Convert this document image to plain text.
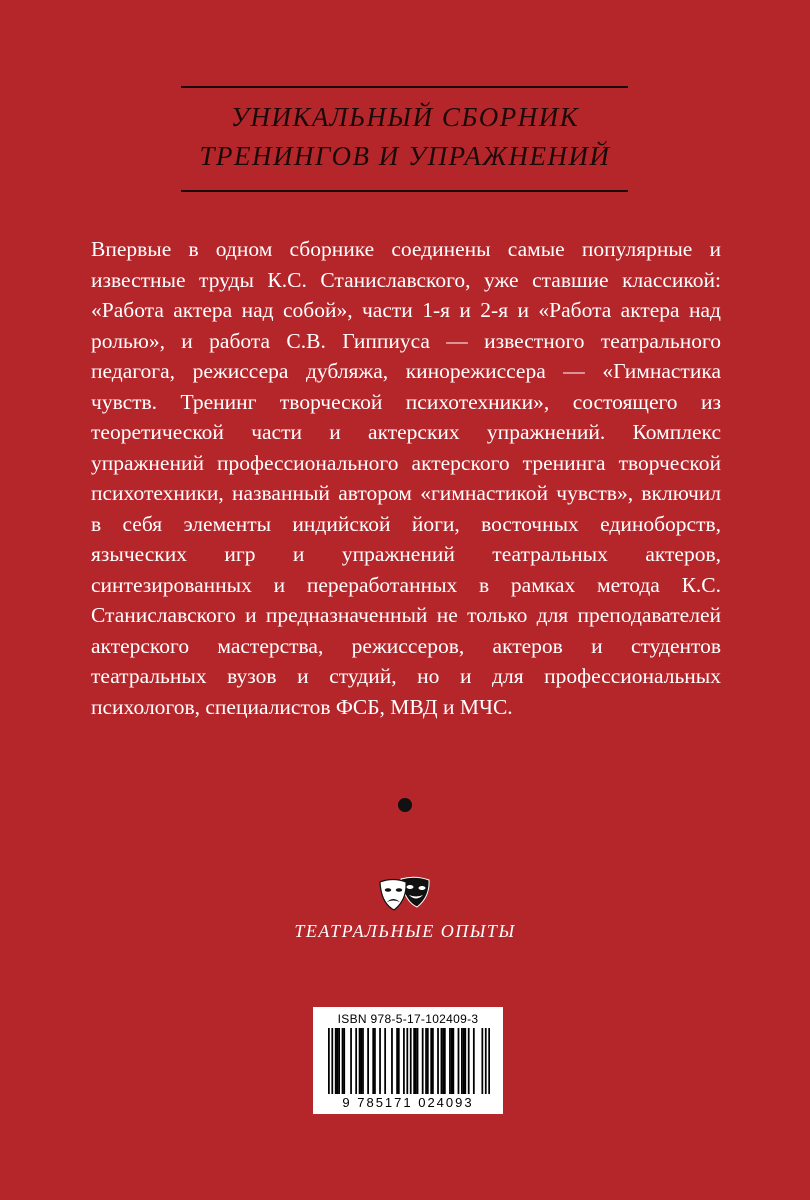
УНИКАЛЬНЫЙ СБОРНИК
ТРЕНИНГОВ И УПРАЖНЕНИЙ
Впервые в одном сборнике соединены самые популярные и известные труды К.С. Станиславского, уже ставшие классикой: «Работа актера над собой», части 1-я и 2-я и «Работа актера над ролью», и работа С.В. Гиппиуса — известного театрального педагога, режиссера дубляжа, кинорежиссера — «Гимнастика чувств. Тренинг творческой психотехники», состоящего из теоретической части и актерских упражнений. Комплекс упражнений профессионального актерского тренинга творческой психотехники, названный автором «гимнастикой чувств», включил в себя элементы индийской йоги, восточных единоборств, языческих игр и упражнений театральных актеров, синтезированных и переработанных в рамках метода К.С. Станиславского и предназначенный не только для преподавателей актерского мастерства, режиссеров, актеров и студентов театральных вузов и студий, но и для профессиональных психологов, специалистов ФСБ, МВД и МЧС.
ТЕАТРАЛЬНЫЕ ОПЫТЫ
ISBN 978-5-17-102409-3
9 785171 024093
